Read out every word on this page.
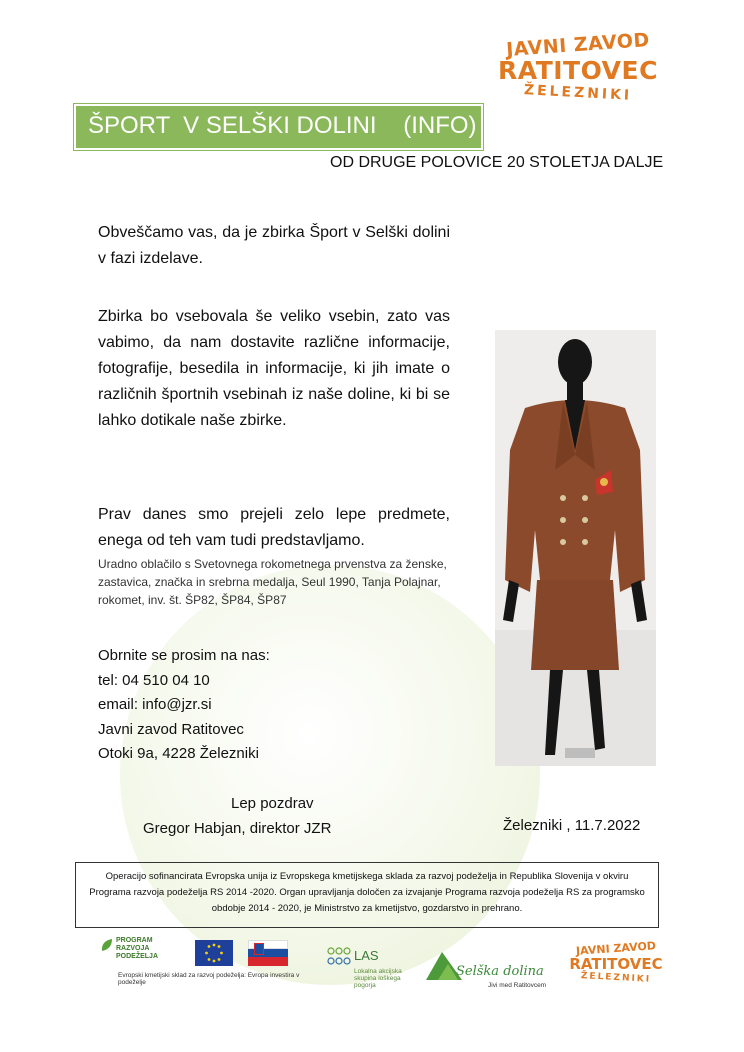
JAVNI ZAVOD
RATITOVEC
ŽELEZNIKI
ŠPORT  V SELŠKI DOLINI    (INFO)
OD DRUGE POLOVICE 20 STOLETJA DALJE
Obveščamo vas, da je zbirka Šport v Selški dolini v fazi izdelave.
Zbirka bo vsebovala še veliko vsebin, zato vas vabimo, da nam dostavite različne informacije, fotografije, besedila in informacije, ki jih imate o različnih športnih vsebinah iz naše doline, ki bi se lahko dotikale naše zbirke.
Prav danes smo prejeli zelo lepe predmete, enega od teh vam tudi predstavljamo.
Uradno oblačilo s Svetovnega rokometnega prvenstva za ženske, zastavica, značka in srebrna medalja, Seul 1990, Tanja Polajnar, rokomet, inv. št. ŠP82, ŠP84, ŠP87
Obrnite se prosim na nas:
tel: 04 510 04 10
email: info@jzr.si
Javni zavod Ratitovec
Otoki 9a, 4228 Železniki
Lep pozdrav
Gregor Habjan, direktor JZR	Železniki , 11.7.2022

Operacijo sofinancirata Evropska unija iz Evropskega kmetijskega sklada za razvoj podeželja in Republika Slovenija v okviru Programa razvoja podeželja RS 2014 -2020. Organ upravljanja določen za izvajanje Programa razvoja podeželja RS za programsko obdobje 2014 - 2020, je Ministrstvo za kmetijstvo, gozdarstvo in prehrano.

PROGRAM
RAZVOJA
PODEŽELJA
Evropski kmetijski sklad za razvoj podeželja: Evropa investira v podeželje
LAS
Lokalna akcijska skupina loškega pogorja
Selška dolina
Jivi med Ratitovcem
JAVNI ZAVOD
RATITOVEC
ŽELEZNIKI
